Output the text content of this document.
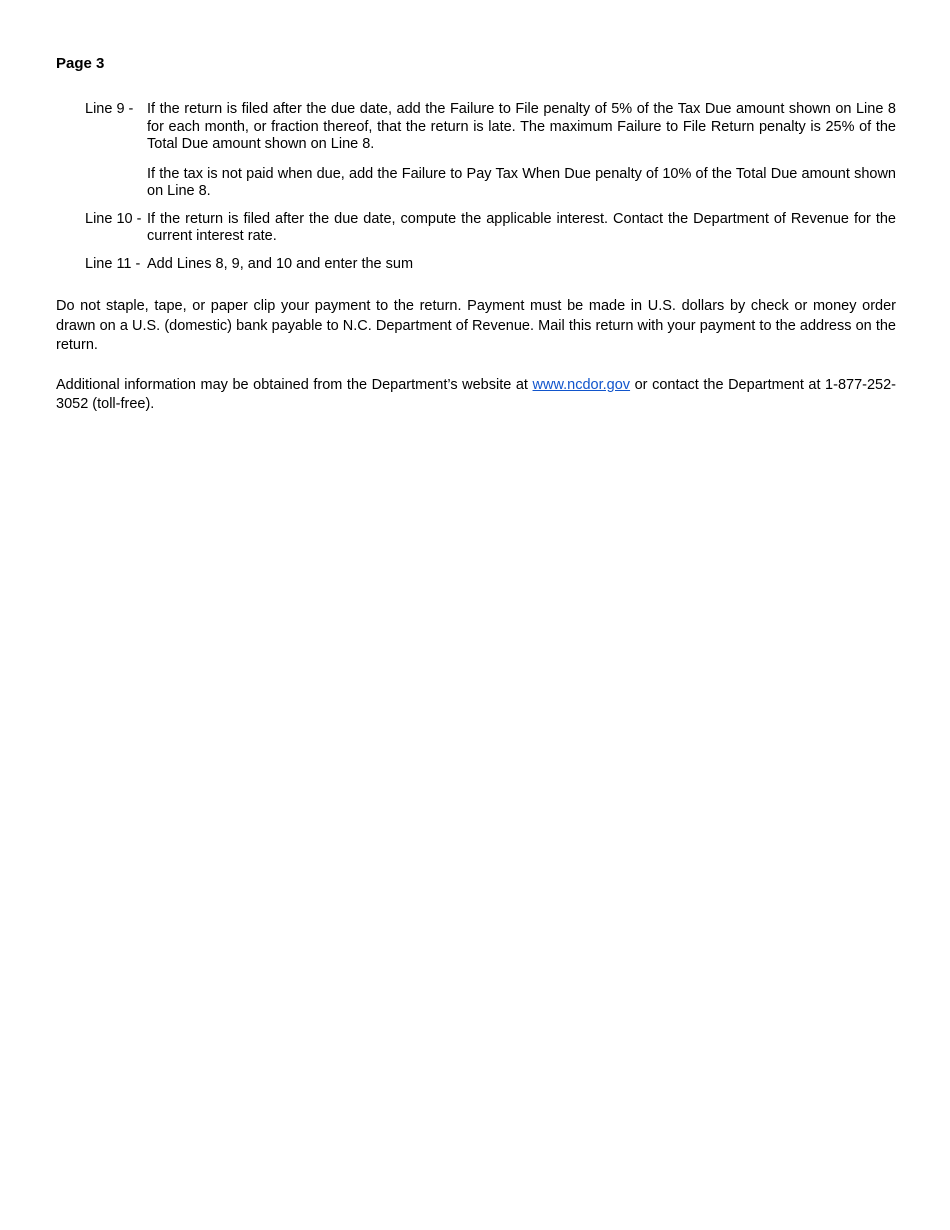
Page 3
Line 9 - If the return is filed after the due date, add the Failure to File penalty of 5% of the Tax Due amount shown on Line 8 for each month, or fraction thereof, that the return is late. The maximum Failure to File Return penalty is 25% of the Total Due amount shown on Line 8.

If the tax is not paid when due, add the Failure to Pay Tax When Due penalty of 10% of the Total Due amount shown on Line 8.

Line 10 - If the return is filed after the due date, compute the applicable interest. Contact the Department of Revenue for the current interest rate.

Line 11 - Add Lines 8, 9, and 10 and enter the sum

Do not staple, tape, or paper clip your payment to the return. Payment must be made in U.S. dollars by check or money order drawn on a U.S. (domestic) bank payable to N.C. Department of Revenue. Mail this return with your payment to the address on the return.

Additional information may be obtained from the Department’s website at www.ncdor.gov or contact the Department at 1-877-252-3052 (toll-free).
